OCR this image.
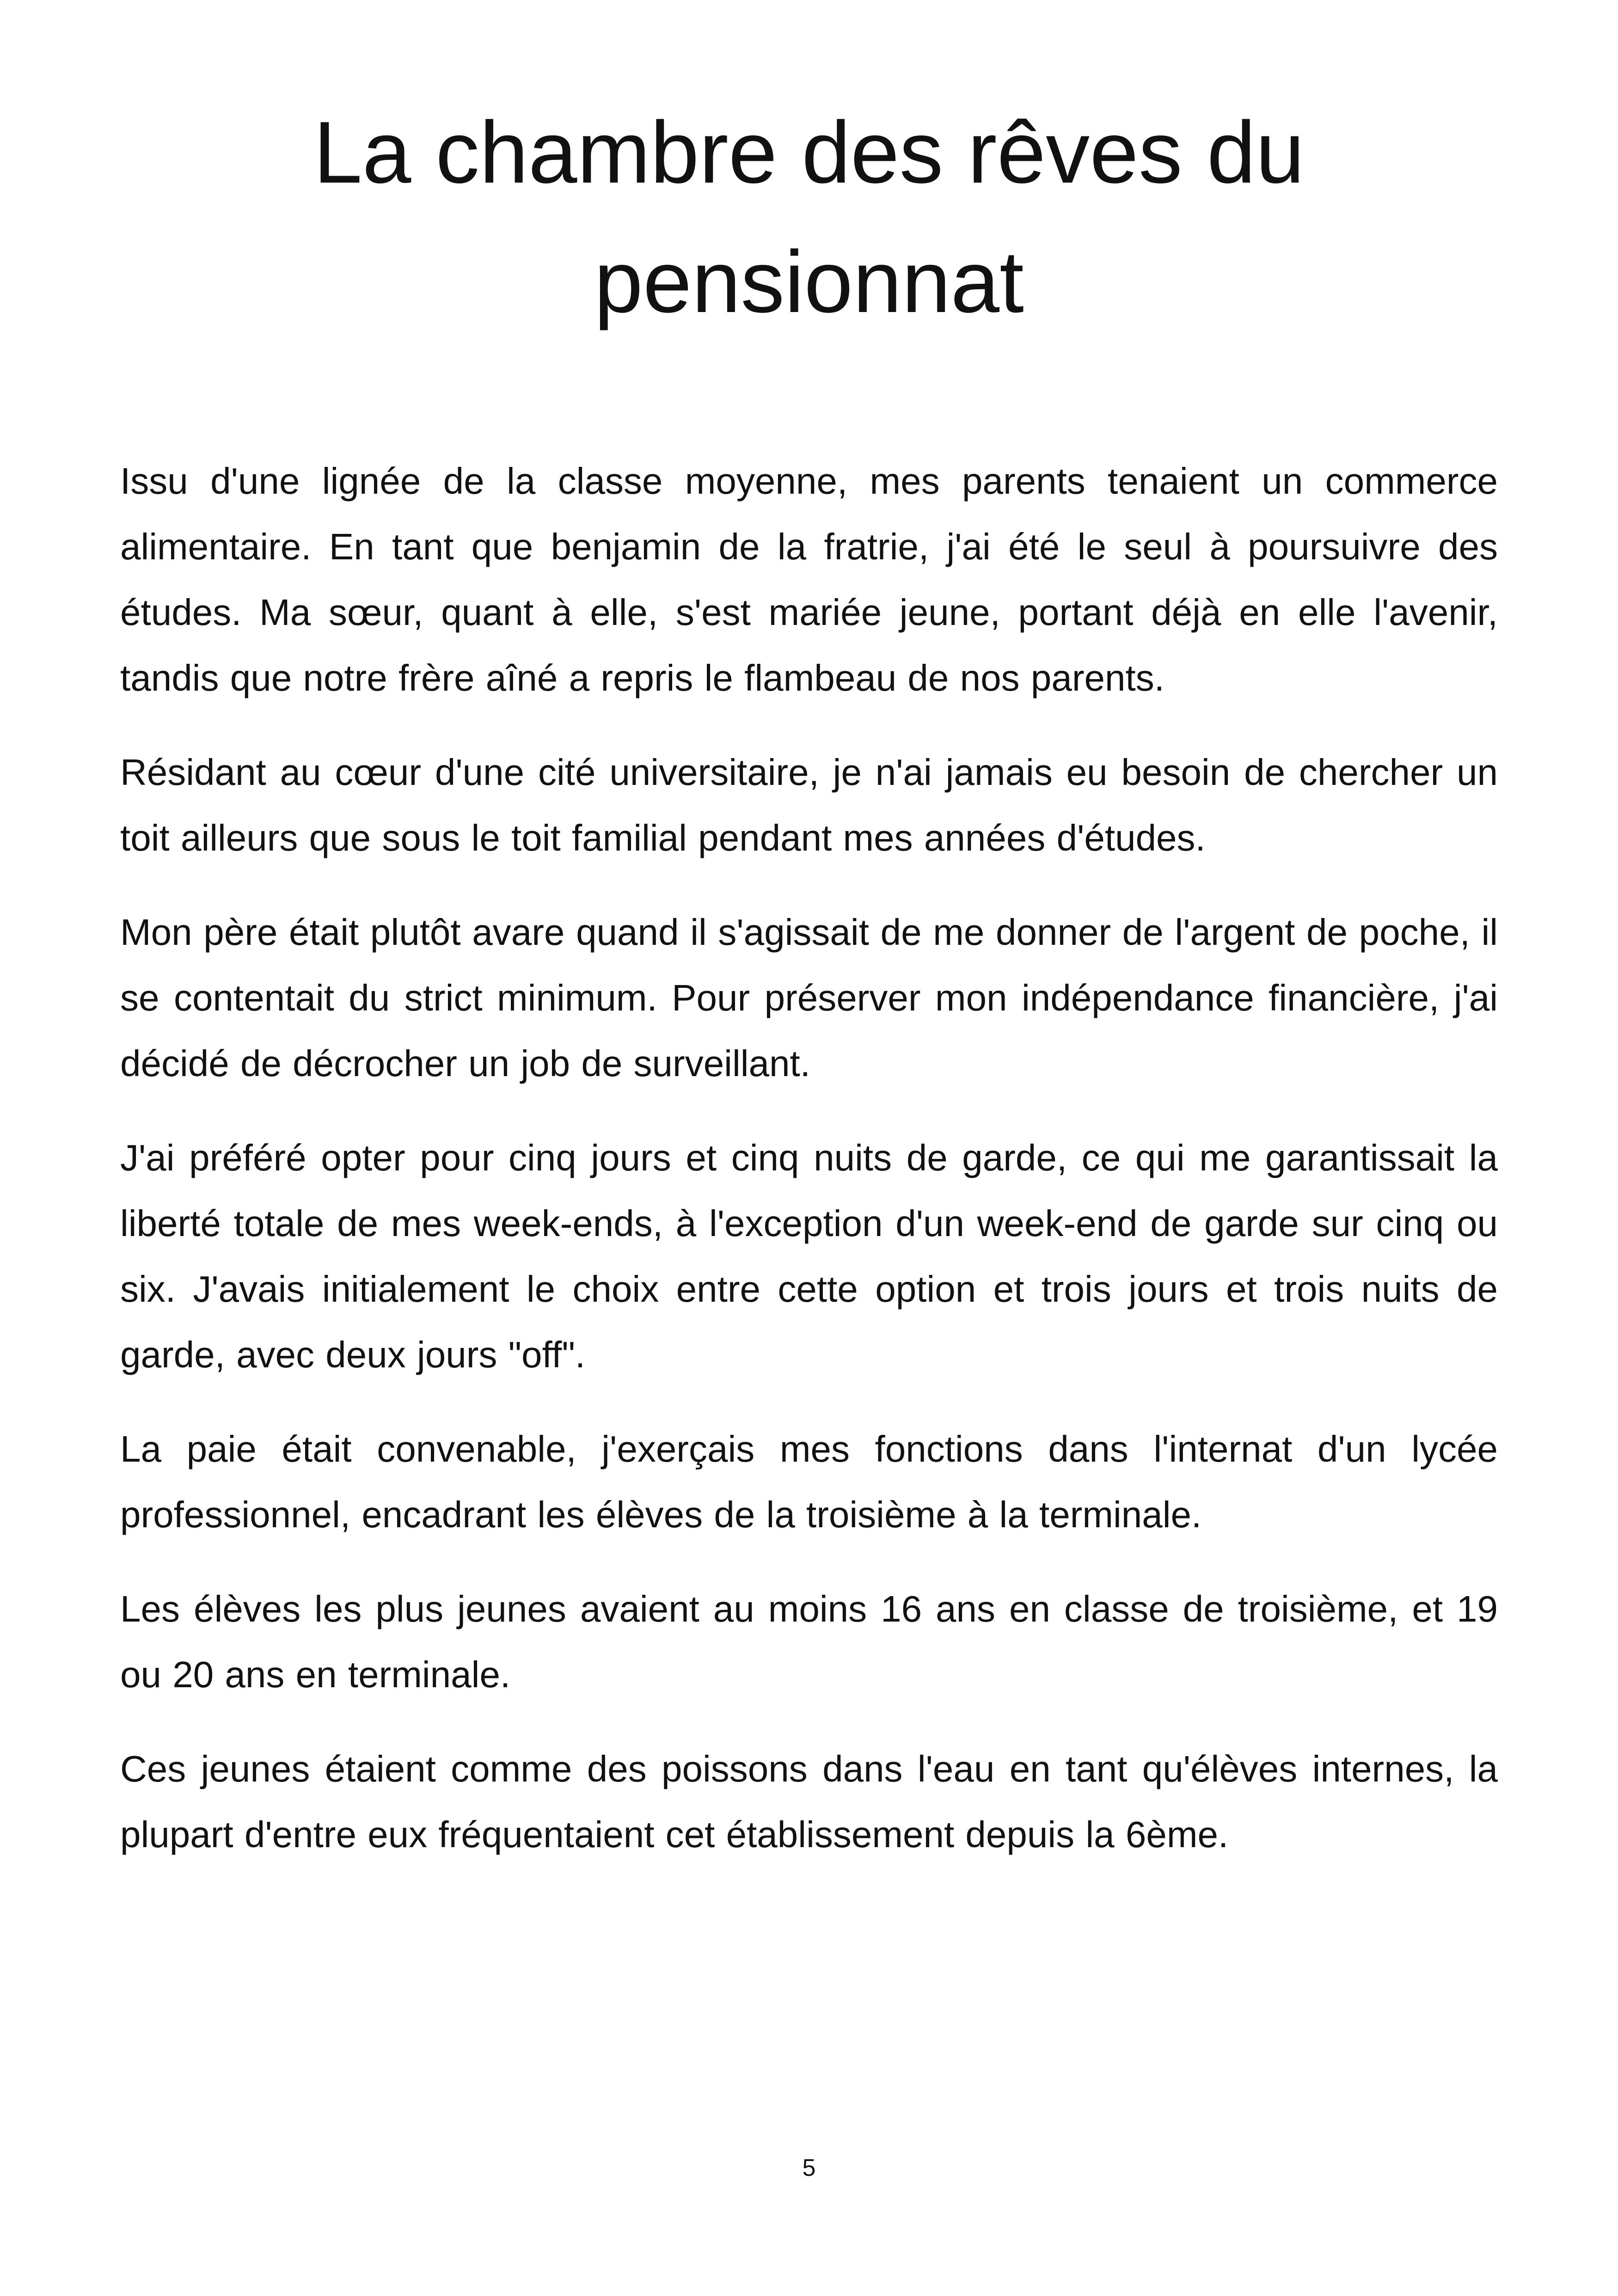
La chambre des rêves du
pensionnat

Issu d'une lignée de la classe moyenne, mes parents tenaient un commerce alimentaire. En tant que benjamin de la fratrie, j'ai été le seul à poursuivre des études. Ma sœur, quant à elle, s'est mariée jeune, portant déjà en elle l'avenir, tandis que notre frère aîné a repris le flambeau de nos parents.

Résidant au cœur d'une cité universitaire, je n'ai jamais eu besoin de chercher un toit ailleurs que sous le toit familial pendant mes années d'études.

Mon père était plutôt avare quand il s'agissait de me donner de l'argent de poche, il se contentait du strict minimum. Pour préserver mon indépendance financière, j'ai décidé de décrocher un job de surveillant.

J'ai préféré opter pour cinq jours et cinq nuits de garde, ce qui me garantissait la liberté totale de mes week-ends, à l'exception d'un week-end de garde sur cinq ou six. J'avais initialement le choix entre cette option et trois jours et trois nuits de garde, avec deux jours "off".

La paie était convenable, j'exerçais mes fonctions dans l'internat d'un lycée professionnel, encadrant les élèves de la troisième à la terminale.

Les élèves les plus jeunes avaient au moins 16 ans en classe de troisième, et 19 ou 20 ans en terminale.

Ces jeunes étaient comme des poissons dans l'eau en tant qu'élèves internes, la plupart d'entre eux fréquentaient cet établissement depuis la 6ème.

5
